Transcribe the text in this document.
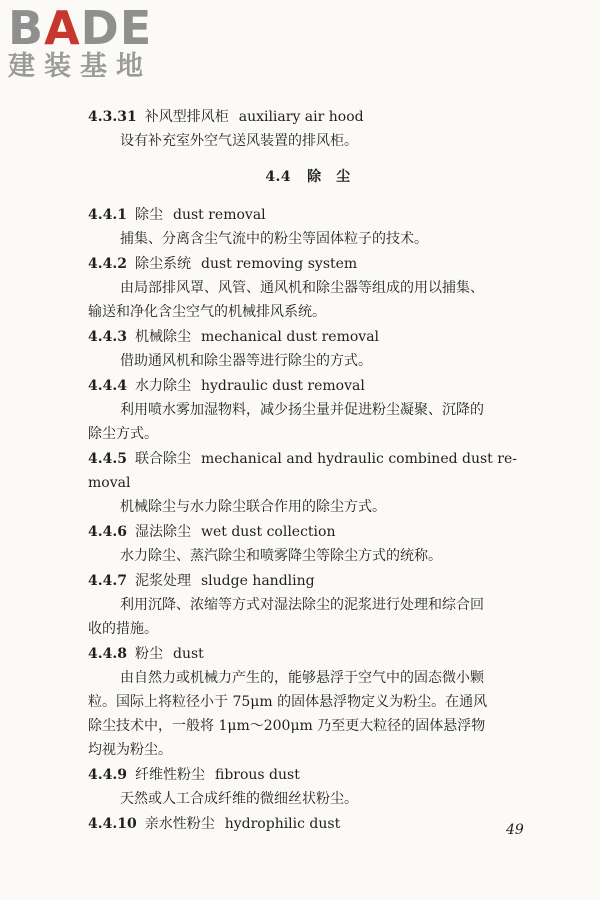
BADE
建装基地
4.3.31 补风型排风柜 auxiliary air hood
设有补充室外空气送风装置的排风柜。
4.4 除　尘
4.4.1 除尘 dust removal
捕集、分离含尘气流中的粉尘等固体粒子的技术。
4.4.2 除尘系统 dust removing system
由局部排风罩、风管、通风机和除尘器等组成的用以捕集、
输送和净化含尘空气的机械排风系统。
4.4.3 机械除尘 mechanical dust removal
借助通风机和除尘器等进行除尘的方式。
4.4.4 水力除尘 hydraulic dust removal
利用喷水雾加湿物料，减少扬尘量并促进粉尘凝聚、沉降的
除尘方式。
4.4.5 联合除尘 mechanical and hydraulic combined dust re-
moval
机械除尘与水力除尘联合作用的除尘方式。
4.4.6 湿法除尘 wet dust collection
水力除尘、蒸汽除尘和喷雾降尘等除尘方式的统称。
4.4.7 泥浆处理 sludge handling
利用沉降、浓缩等方式对湿法除尘的泥浆进行处理和综合回
收的措施。
4.4.8 粉尘 dust
由自然力或机械力产生的，能够悬浮于空气中的固态微小颗
粒。国际上将粒径小于 75μm 的固体悬浮物定义为粉尘。在通风
除尘技术中，一般将 1μm～200μm 乃至更大粒径的固体悬浮物
均视为粉尘。
4.4.9 纤维性粉尘 fibrous dust
天然或人工合成纤维的微细丝状粉尘。
4.4.10 亲水性粉尘 hydrophilic dust	49
